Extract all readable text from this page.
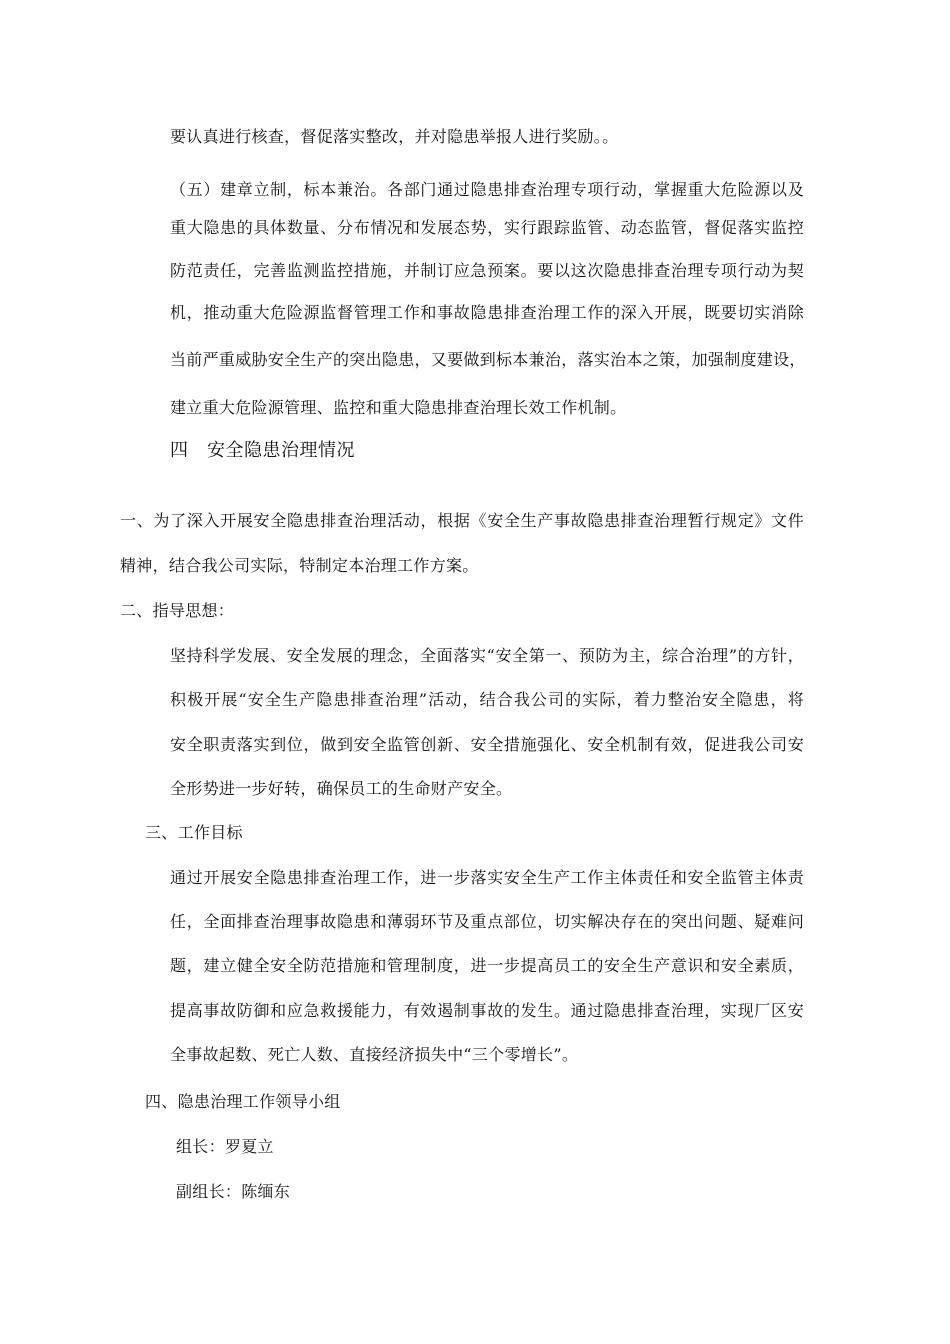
要认真进行核查，督促落实整改，并对隐患举报人进行奖励。。
（五）建章立制，标本兼治。各部门通过隐患排查治理专项行动，掌握重大危险源以及
重大隐患的具体数量、分布情况和发展态势，实行跟踪监管、动态监管，督促落实监控
防范责任，完善监测监控措施，并制订应急预案。要以这次隐患排查治理专项行动为契
机，推动重大危险源监督管理工作和事故隐患排查治理工作的深入开展，既要切实消除
当前严重威胁安全生产的突出隐患，又要做到标本兼治，落实治本之策，加强制度建设，
建立重大危险源管理、监控和重大隐患排查治理长效工作机制。
四　安全隐患治理情况
一、为了深入开展安全隐患排查治理活动，根据《安全生产事故隐患排查治理暂行规定》文件
精神，结合我公司实际，特制定本治理工作方案。
二、指导思想：
坚持科学发展、安全发展的理念，全面落实“安全第一、预防为主，综合治理”的方针，
积极开展“安全生产隐患排查治理”活动，结合我公司的实际，着力整治安全隐患，将
安全职责落实到位，做到安全监管创新、安全措施强化、安全机制有效，促进我公司安
全形势进一步好转，确保员工的生命财产安全。
三、工作目标
通过开展安全隐患排查治理工作，进一步落实安全生产工作主体责任和安全监管主体责
任，全面排查治理事故隐患和薄弱环节及重点部位，切实解决存在的突出问题、疑难问
题，建立健全安全防范措施和管理制度，进一步提高员工的安全生产意识和安全素质，
提高事故防御和应急救援能力，有效遏制事故的发生。通过隐患排查治理，实现厂区安
全事故起数、死亡人数、直接经济损失中“三个零增长”。
四、隐患治理工作领导小组
组长：罗夏立
副组长：陈缅东
